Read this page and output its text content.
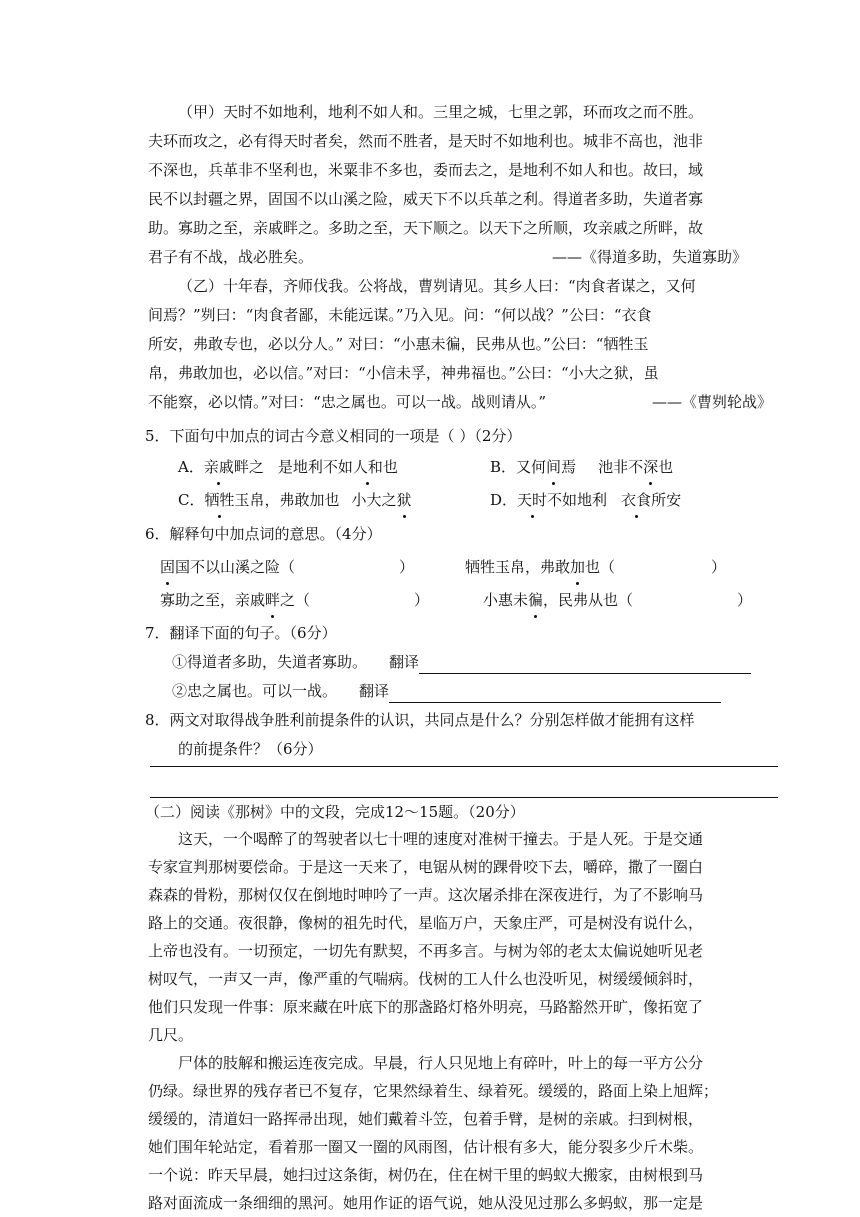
（甲）天时不如地利，地利不如人和。三里之城，七里之郭，环而攻之而不胜。
夫环而攻之，必有得天时者矣，然而不胜者，是天时不如地利也。城非不高也，池非
不深也，兵革非不坚利也，米粟非不多也，委而去之，是地利不如人和也。故曰，域
民不以封疆之界，固国不以山溪之险，威天下不以兵革之利。得道者多助，失道者寡
助。寡助之至，亲戚畔之。多助之至，天下顺之。以天下之所顺，攻亲戚之所畔，故
君子有不战，战必胜矣。	——《得道多助，失道寡助》
（乙）十年春，齐师伐我。公将战，曹刿请见。其乡人曰：“肉食者谋之，又何
间焉？”刿曰：“肉食者鄙，未能远谋。”乃入见。问：“何以战？”公曰：“衣食
所安，弗敢专也，必以分人。” 对曰：“小惠未徧，民弗从也。”公曰：“牺牲玉
帛，弗敢加也，必以信。”对曰：“小信未孚，神弗福也。”公曰：“小大之狱，虽
不能察，必以情。”对曰：“忠之属也。可以一战。战则请从。”	——《曹刿轮战》
5．下面句中加点的词古今意义相同的一项是（ ）（2分）
A．亲戚畔之 是地利不如人和也	B．又何间焉 池非不深也
C．牺牲玉帛，弗敢加也 小大之狱	D．天时不如地利 衣食所安
6．解释句中加点词的意思。（4分）
固国不以山溪之险（	）	牺牲玉帛，弗敢加也（	）
寡助之至，亲戚畔之（	）	小惠未徧，民弗从也（	）
7．翻译下面的句子。（6分）
①得道者多助，失道者寡助。 翻译
②忠之属也。可以一战。 翻译
8．两文对取得战争胜利前提条件的认识，共同点是什么？分别怎样做才能拥有这样
的前提条件？（6分）
（二）阅读《那树》中的文段，完成12～15题。（20分）
这天，一个喝醉了的驾驶者以七十哩的速度对准树干撞去。于是人死。于是交通
专家宣判那树要偿命。于是这一天来了，电锯从树的踝骨咬下去，嚼碎，撒了一圈白
森森的骨粉，那树仅仅在倒地时呻吟了一声。这次屠杀排在深夜进行，为了不影响马
路上的交通。夜很静，像树的祖先时代，星临万户，天象庄严，可是树没有说什么，
上帝也没有。一切预定，一切先有默契，不再多言。与树为邻的老太太偏说她听见老
树叹气，一声又一声，像严重的气喘病。伐树的工人什么也没听见，树缓缓倾斜时，
他们只发现一件事：原来藏在叶底下的那盏路灯格外明亮，马路豁然开旷，像拓宽了
几尺。
尸体的肢解和搬运连夜完成。早晨，行人只见地上有碎叶，叶上的每一平方公分
仍绿。绿世界的残存者已不复存，它果然绿着生、绿着死。缓缓的，路面上染上旭辉；
缓缓的，清道妇一路挥帚出现，她们戴着斗笠，包着手臂，是树的亲戚。扫到树根，
她们围年轮站定，看着那一圈又一圈的风雨图，估计根有多大，能分裂多少斤木柴。
一个说：昨天早晨，她扫过这条街，树仍在，住在树干里的蚂蚁大搬家，由树根到马
路对面流成一条细细的黑河。她用作证的语气说，她从没见过那么多蚂蚁，那一定是
